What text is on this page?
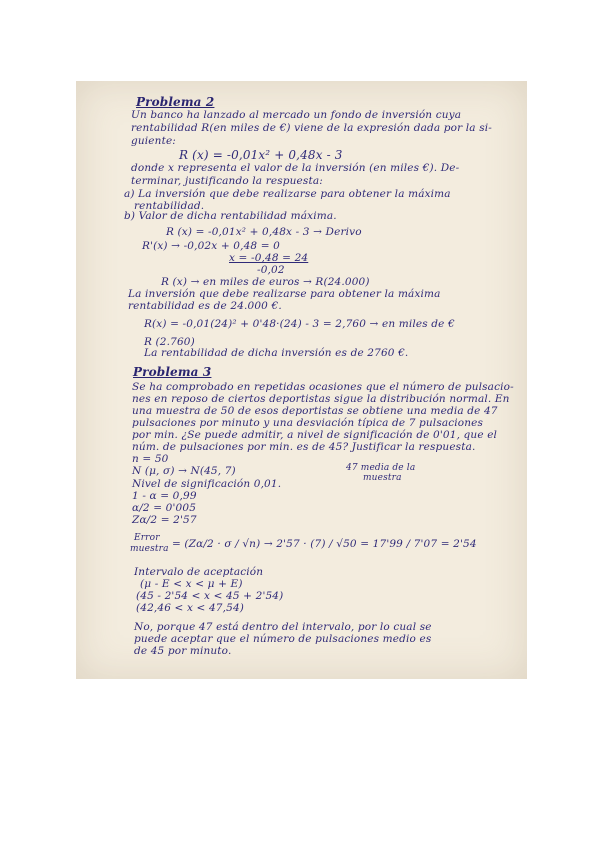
Problema 2
Un banco ha lanzado al mercado un fondo de inversión cuya
rentabilidad R(en miles de €) viene de la expresión dada por la si-
guiente:
R (x) = -0,01x² + 0,48x - 3
donde x representa el valor de la inversión (en miles €). De-
terminar, justificando la respuesta:
a) La inversión que debe realizarse para obtener la máxima
rentabilidad.
b) Valor de dicha rentabilidad máxima.
R (x) = -0,01x² + 0,48x - 3 → Derivo
R'(x) → -0,02x + 0,48 = 0
x = -0,48 = 24
-0,02
R (x) → en miles de euros → R(24.000)
La inversión que debe realizarse para obtener la máxima
rentabilidad es de 24.000 €.
R(x) = -0,01(24)² + 0'48·(24) - 3 = 2,760 → en miles de €
R (2.760)
La rentabilidad de dicha inversión es de 2760 €.
Problema 3
Se ha comprobado en repetidas ocasiones que el número de pulsacio-
nes en reposo de ciertos deportistas sigue la distribución normal. En
una muestra de 50 de esos deportistas se obtiene una media de 47
pulsaciones por minuto y una desviación típica de 7 pulsaciones
por min. ¿Se puede admitir, a nivel de significación de 0'01, que el
núm. de pulsaciones por min. es de 45? Justificar la respuesta.
n = 50
N (μ, σ) → N(45, 7)	47 media de la
muestra
Nivel de significación 0,01.
1 - α = 0,99
α/2 = 0'005
Zα/2 = 2'57
Error
muestra = (Zα/2 · σ / √n) → 2'57 · (7) / √50 = 17'99 / 7'07 = 2'54
Intervalo de aceptación
(μ - E < x < μ + E)
(45 - 2'54 < x < 45 + 2'54)
(42,46 < x < 47,54)
No, porque 47 está dentro del intervalo, por lo cual se
puede aceptar que el número de pulsaciones medio es
de 45 por minuto.
